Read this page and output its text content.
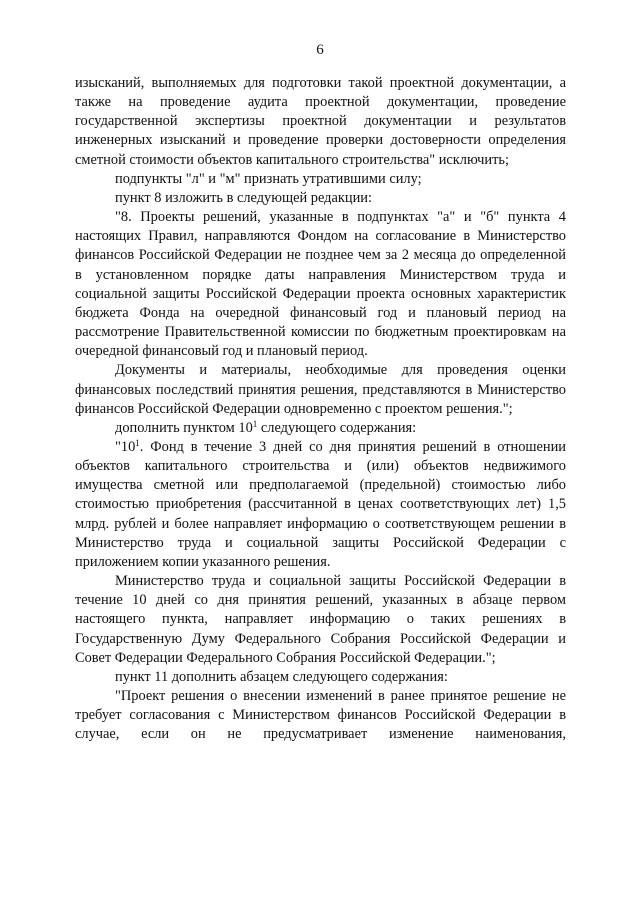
6

изысканий, выполняемых для подготовки такой проектной документации, а также на проведение аудита проектной документации, проведение государственной экспертизы проектной документации и результатов инженерных изысканий и проведение проверки достоверности определения сметной стоимости объектов капитального строительства" исключить;

подпункты "л" и "м" признать утратившими силу;

пункт 8 изложить в следующей редакции:

"8. Проекты решений, указанные в подпунктах "а" и "б" пункта 4 настоящих Правил, направляются Фондом на согласование в Министерство финансов Российской Федерации не позднее чем за 2 месяца до определенной в установленном порядке даты направления Министерством труда и социальной защиты Российской Федерации проекта основных характеристик бюджета Фонда на очередной финансовый год и плановый период на рассмотрение Правительственной комиссии по бюджетным проектировкам на очередной финансовый год и плановый период.

Документы и материалы, необходимые для проведения оценки финансовых последствий принятия решения, представляются в Министерство финансов Российской Федерации одновременно с проектом решения.";

дополнить пунктом $10^1$ следующего содержания:

"$10^1$. Фонд в течение 3 дней со дня принятия решений в отношении объектов капитального строительства и (или) объектов недвижимого имущества сметной или предполагаемой (предельной) стоимостью либо стоимостью приобретения (рассчитанной в ценах соответствующих лет) 1,5 млрд. рублей и более направляет информацию о соответствующем решении в Министерство труда и социальной защиты Российской Федерации с приложением копии указанного решения.

Министерство труда и социальной защиты Российской Федерации в течение 10 дней со дня принятия решений, указанных в абзаце первом настоящего пункта, направляет информацию о таких решениях в Государственную Думу Федерального Собрания Российской Федерации и Совет Федерации Федерального Собрания Российской Федерации.";

пункт 11 дополнить абзацем следующего содержания:

"Проект решения о внесении изменений в ранее принятое решение не требует согласования с Министерством финансов Российской Федерации в случае, если он не предусматривает изменение наименования,
